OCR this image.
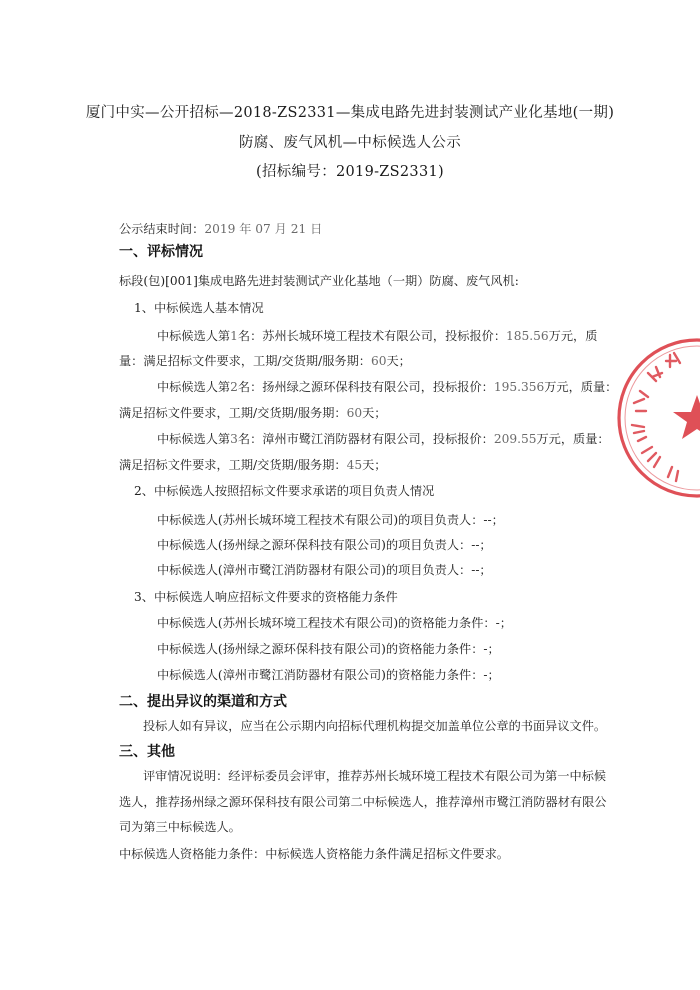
厦门中实—公开招标—2018-ZS2331—集成电路先进封装测试产业化基地(一期)
防腐、废气风机—中标候选人公示
(招标编号：2019-ZS2331)
公示结束时间：2019 年 07 月 21 日
一、评标情况
标段(包)[001]集成电路先进封装测试产业化基地（一期）防腐、废气风机:
1、中标候选人基本情况
中标候选人第1名：苏州长城环境工程技术有限公司，投标报价：185.56万元，质
量：满足招标文件要求，工期/交货期/服务期：60天；
中标候选人第2名：扬州绿之源环保科技有限公司，投标报价：195.356万元，质量：
满足招标文件要求，工期/交货期/服务期：60天；
中标候选人第3名：漳州市鹭江消防器材有限公司，投标报价：209.55万元，质量：
满足招标文件要求，工期/交货期/服务期：45天；
2、中标候选人按照招标文件要求承诺的项目负责人情况
中标候选人(苏州长城环境工程技术有限公司)的项目负责人：--；
中标候选人(扬州绿之源环保科技有限公司)的项目负责人：--；
中标候选人(漳州市鹭江消防器材有限公司)的项目负责人：--；
3、中标候选人响应招标文件要求的资格能力条件
中标候选人(苏州长城环境工程技术有限公司)的资格能力条件：-；
中标候选人(扬州绿之源环保科技有限公司)的资格能力条件：-；
中标候选人(漳州市鹭江消防器材有限公司)的资格能力条件：-；
二、提出异议的渠道和方式
投标人如有异议，应当在公示期内向招标代理机构提交加盖单位公章的书面异议文件。
三、其他
评审情况说明：经评标委员会评审，推荐苏州长城环境工程技术有限公司为第一中标候
选人，推荐扬州绿之源环保科技有限公司第二中标候选人，推荐漳州市鹭江消防器材有限公
司为第三中标候选人。
中标候选人资格能力条件：中标候选人资格能力条件满足招标文件要求。
